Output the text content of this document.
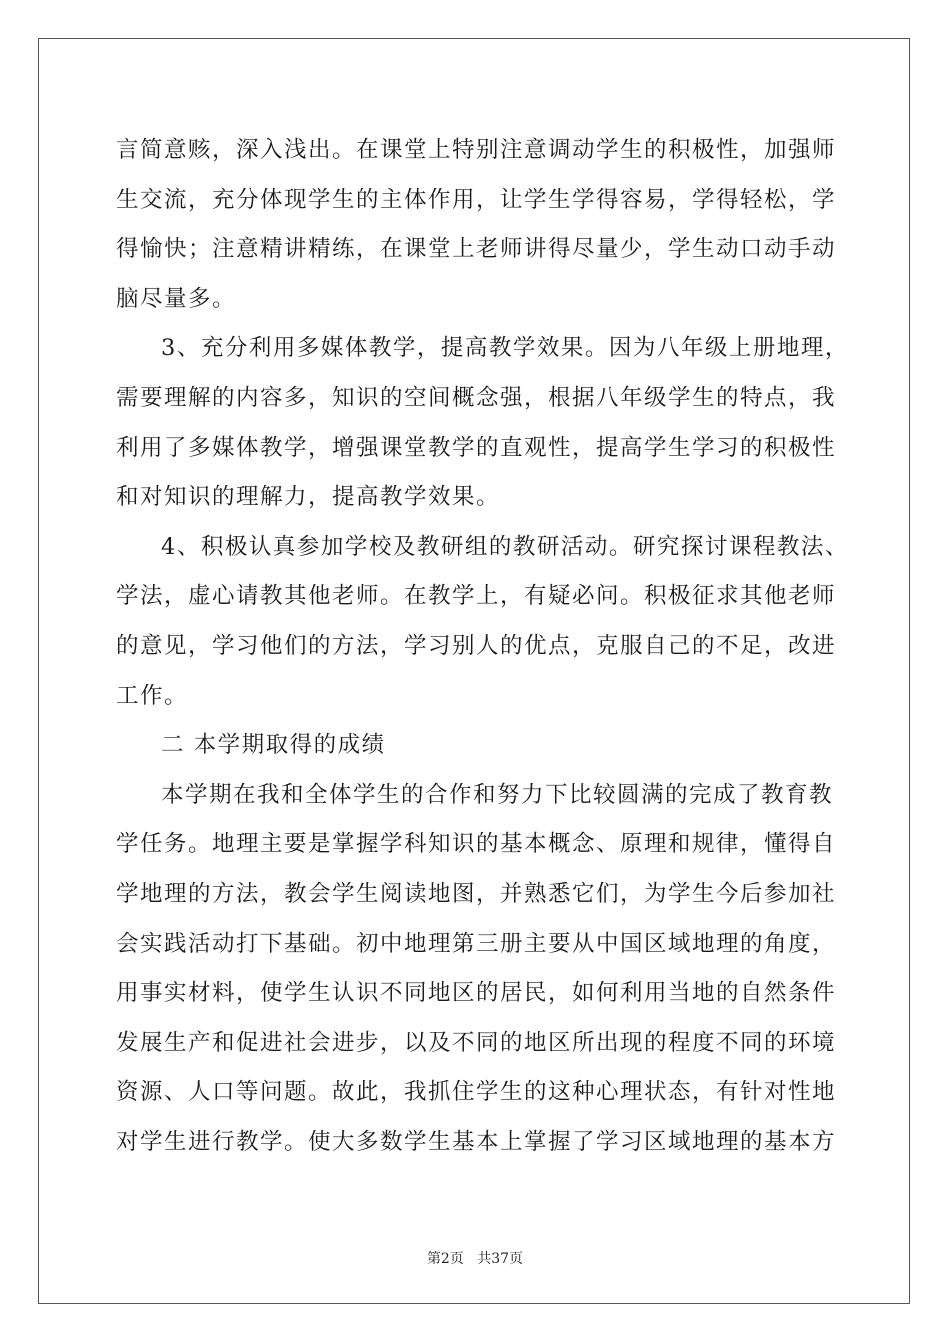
言简意赅，深入浅出。在课堂上特别注意调动学生的积极性，加强师
生交流，充分体现学生的主体作用，让学生学得容易，学得轻松，学
得愉快；注意精讲精练，在课堂上老师讲得尽量少，学生动口动手动
脑尽量多。
3、充分利用多媒体教学，提高教学效果。因为八年级上册地理，
需要理解的内容多，知识的空间概念强，根据八年级学生的特点，我
利用了多媒体教学，增强课堂教学的直观性，提高学生学习的积极性
和对知识的理解力，提高教学效果。
4、积极认真参加学校及教研组的教研活动。研究探讨课程教法、
学法，虚心请教其他老师。在教学上，有疑必问。积极征求其他老师
的意见，学习他们的方法，学习别人的优点，克服自己的不足，改进
工作。
二 本学期取得的成绩
本学期在我和全体学生的合作和努力下比较圆满的完成了教育教
学任务。地理主要是掌握学科知识的基本概念、原理和规律，懂得自
学地理的方法，教会学生阅读地图，并熟悉它们，为学生今后参加社
会实践活动打下基础。初中地理第三册主要从中国区域地理的角度，
用事实材料，使学生认识不同地区的居民，如何利用当地的自然条件
发展生产和促进社会进步，以及不同的地区所出现的程度不同的环境
资源、人口等问题。故此，我抓住学生的这种心理状态，有针对性地
对学生进行教学。使大多数学生基本上掌握了学习区域地理的基本方
第2页 共37页
